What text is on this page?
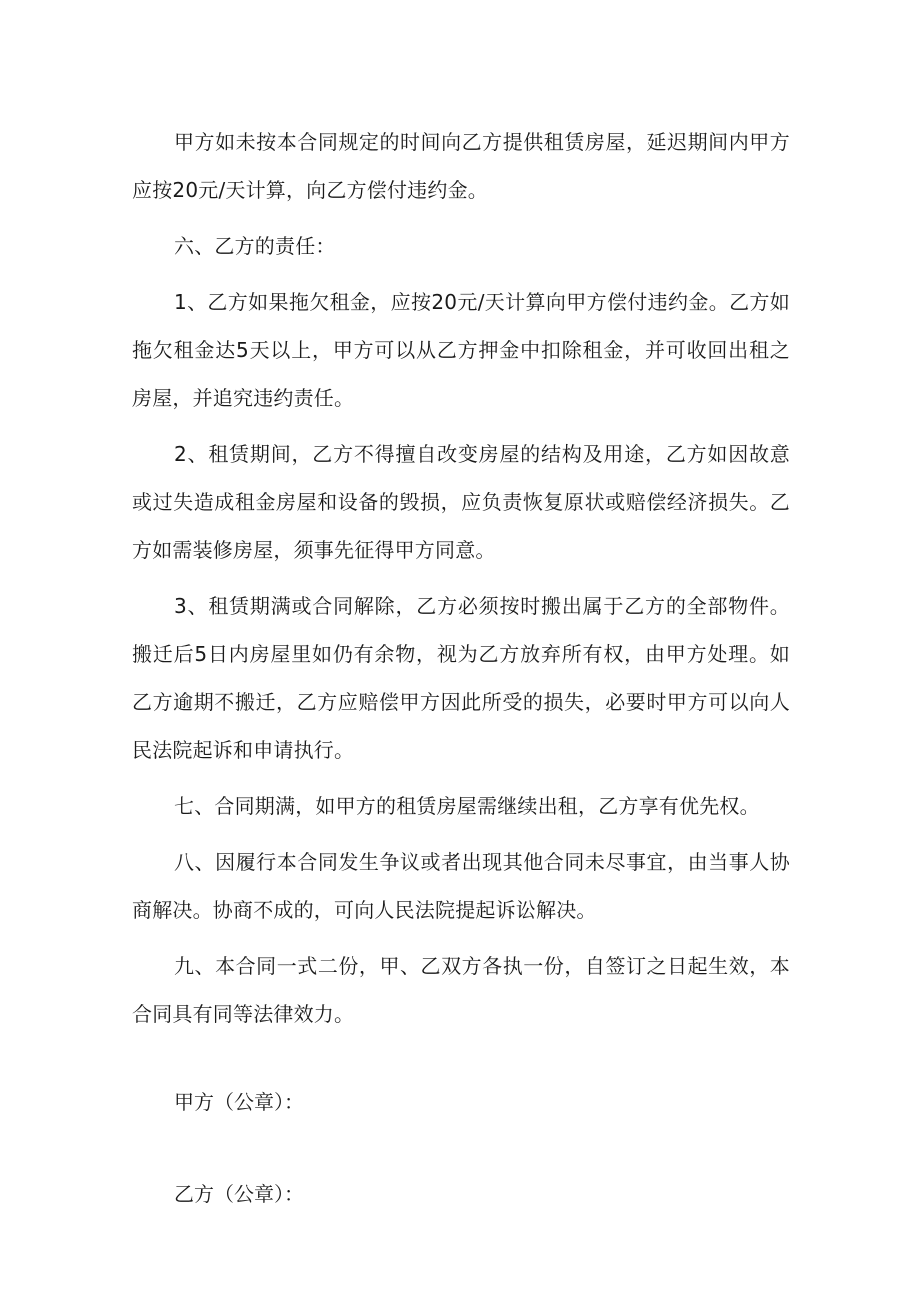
甲方如未按本合同规定的时间向乙方提供租赁房屋，延迟期间内甲方应按20元/天计算，向乙方偿付违约金。

六、乙方的责任：

1、乙方如果拖欠租金，应按20元/天计算向甲方偿付违约金。乙方如拖欠租金达5天以上，甲方可以从乙方押金中扣除租金，并可收回出租之房屋，并追究违约责任。

2、租赁期间，乙方不得擅自改变房屋的结构及用途，乙方如因故意或过失造成租金房屋和设备的毁损，应负责恢复原状或赔偿经济损失。乙方如需装修房屋，须事先征得甲方同意。

3、租赁期满或合同解除，乙方必须按时搬出属于乙方的全部物件。搬迁后5日内房屋里如仍有余物，视为乙方放弃所有权，由甲方处理。如乙方逾期不搬迁，乙方应赔偿甲方因此所受的损失，必要时甲方可以向人民法院起诉和申请执行。

七、合同期满，如甲方的租赁房屋需继续出租，乙方享有优先权。

八、因履行本合同发生争议或者出现其他合同未尽事宜，由当事人协商解决。协商不成的，可向人民法院提起诉讼解决。

九、本合同一式二份，甲、乙双方各执一份，自签订之日起生效，本合同具有同等法律效力。

甲方（公章）：

乙方（公章）：
